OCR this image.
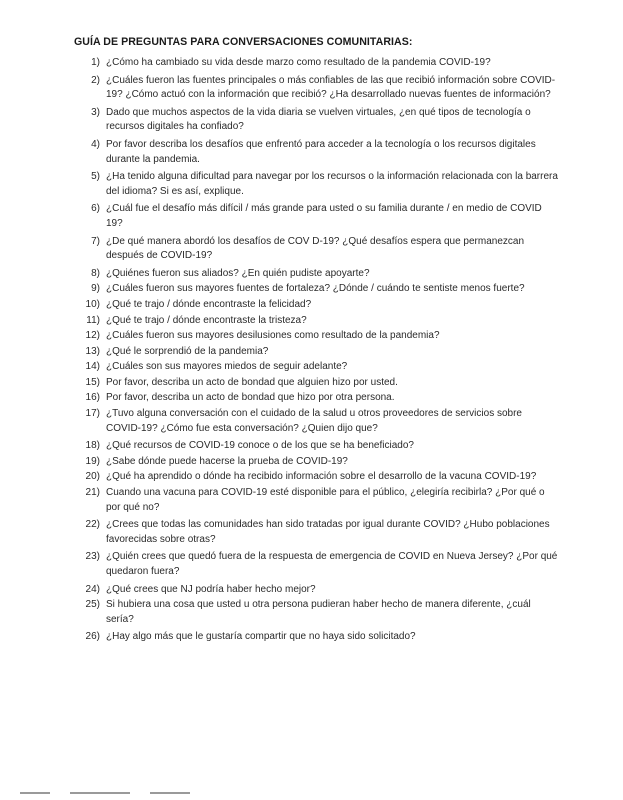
GUÍA DE PREGUNTAS PARA CONVERSACIONES COMUNITARIAS:
1) ¿Cómo ha cambiado su vida desde marzo como resultado de la pandemia COVID-19?
2) ¿Cuáles fueron las fuentes principales o más confiables de las que recibió información sobre COVID-19? ¿Cómo actuó con la información que recibió? ¿Ha desarrollado nuevas fuentes de información?
3) Dado que muchos aspectos de la vida diaria se vuelven virtuales, ¿en qué tipos de tecnología o recursos digitales ha confiado?
4) Por favor describa los desafíos que enfrentó para acceder a la tecnología o los recursos digitales durante la pandemia.
5) ¿Ha tenido alguna dificultad para navegar por los recursos o la información relacionada con la barrera del idioma? Si es así, explique.
6) ¿Cuál fue el desafío más difícil / más grande para usted o su familia durante / en medio de COVID 19?
7) ¿De qué manera abordó los desafíos de COV D-19? ¿Qué desafíos espera que permanezcan después de COVID-19?
8) ¿Quiénes fueron sus aliados? ¿En quién pudiste apoyarte?
9) ¿Cuáles fueron sus mayores fuentes de fortaleza? ¿Dónde / cuándo te sentiste menos fuerte?
10) ¿Qué te trajo / dónde encontraste la felicidad?
11) ¿Qué te trajo / dónde encontraste la tristeza?
12) ¿Cuáles fueron sus mayores desilusiones como resultado de la pandemia?
13) ¿Qué le sorprendió de la pandemia?
14) ¿Cuáles son sus mayores miedos de seguir adelante?
15) Por favor, describa un acto de bondad que alguien hizo por usted.
16) Por favor, describa un acto de bondad que hizo por otra persona.
17) ¿Tuvo alguna conversación con el cuidado de la salud u otros proveedores de servicios sobre COVID-19? ¿Cómo fue esta conversación? ¿Quien dijo que?
18) ¿Qué recursos de COVID-19 conoce o de los que se ha beneficiado?
19) ¿Sabe dónde puede hacerse la prueba de COVID-19?
20) ¿Qué ha aprendido o dónde ha recibido información sobre el desarrollo de la vacuna COVID-19?
21) Cuando una vacuna para COVID-19 esté disponible para el público, ¿elegiría recibirla? ¿Por qué o por qué no?
22) ¿Crees que todas las comunidades han sido tratadas por igual durante COVID? ¿Hubo poblaciones favorecidas sobre otras?
23) ¿Quién crees que quedó fuera de la respuesta de emergencia de COVID en Nueva Jersey? ¿Por qué quedaron fuera?
24) ¿Qué crees que NJ podría haber hecho mejor?
25) Si hubiera una cosa que usted u otra persona pudieran haber hecho de manera diferente, ¿cuál sería?
26) ¿Hay algo más que le gustaría compartir que no haya sido solicitado?
